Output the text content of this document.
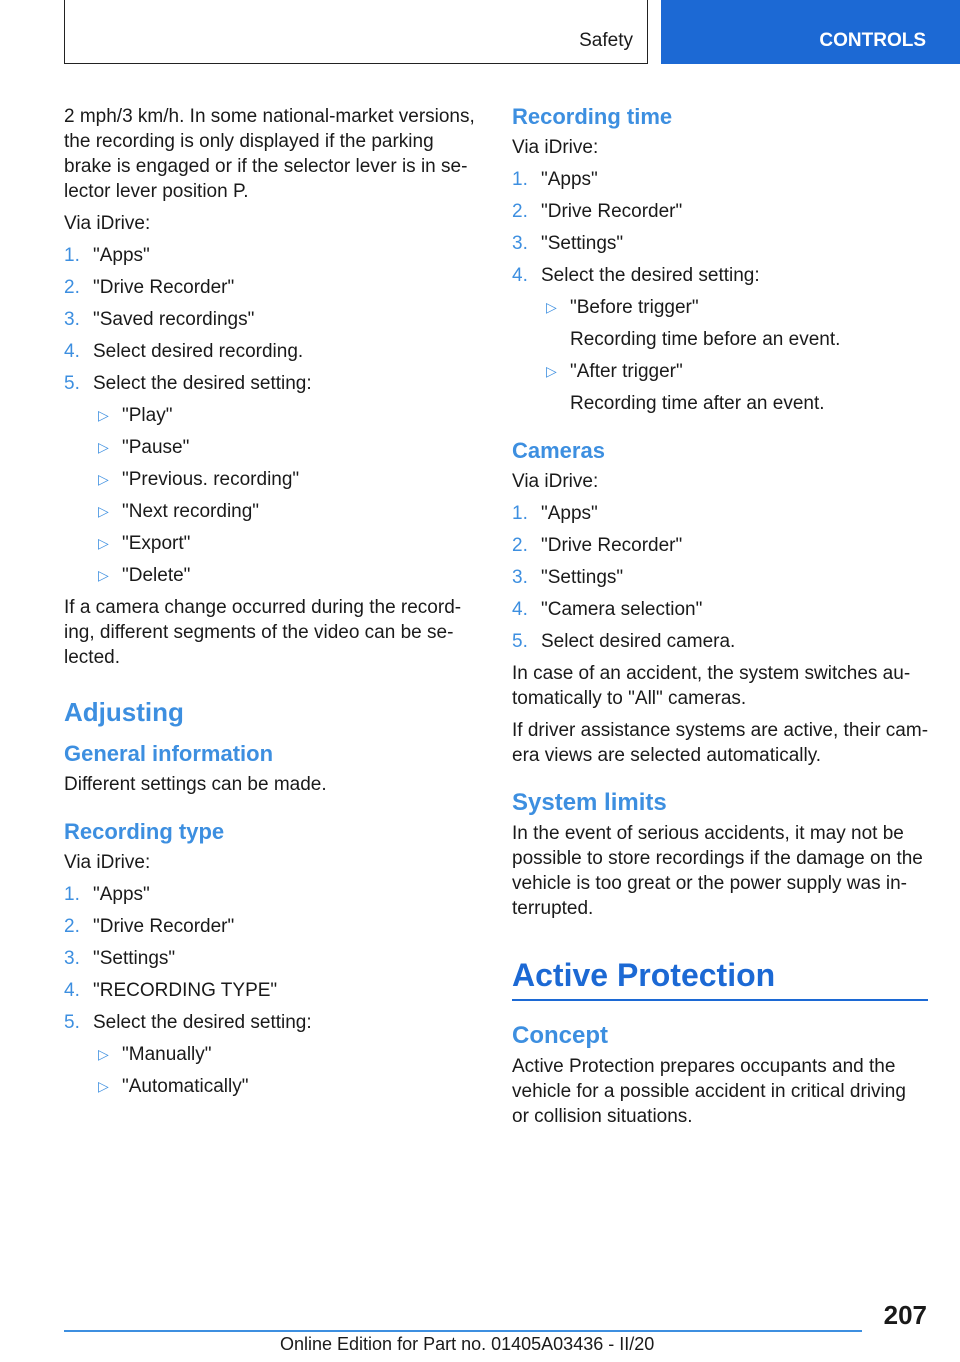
Safety	CONTROLS

2 mph/3 km/h. In some national-market versions, the recording is only displayed if the parking brake is engaged or if the selector lever is in selector lever position P.

Via iDrive:

1. "Apps"
2. "Drive Recorder"
3. "Saved recordings"
4. Select desired recording.
5. Select the desired setting:
▷ "Play"
▷ "Pause"
▷ "Previous. recording"
▷ "Next recording"
▷ "Export"
▷ "Delete"

If a camera change occurred during the recording, different segments of the video can be selected.

Adjusting
General information

Different settings can be made.

Recording type

Via iDrive:

1. "Apps"
2. "Drive Recorder"
3. "Settings"
4. "RECORDING TYPE"
5. Select the desired setting:
▷ "Manually"
▷ "Automatically"
Recording time

Via iDrive:

1. "Apps"
2. "Drive Recorder"
3. "Settings"
4. Select the desired setting:
▷ "Before trigger"
Recording time before an event.
▷ "After trigger"
Recording time after an event.
Cameras

Via iDrive:

1. "Apps"
2. "Drive Recorder"
3. "Settings"
4. "Camera selection"
5. Select desired camera.

In case of an accident, the system switches automatically to "All" cameras.

If driver assistance systems are active, their camera views are selected automatically.

System limits

In the event of serious accidents, it may not be possible to store recordings if the damage on the vehicle is too great or the power supply was interrupted.

Active Protection
Concept

Active Protection prepares occupants and the vehicle for a possible accident in critical driving or collision situations.

207
Online Edition for Part no. 01405A03436 - II/20
